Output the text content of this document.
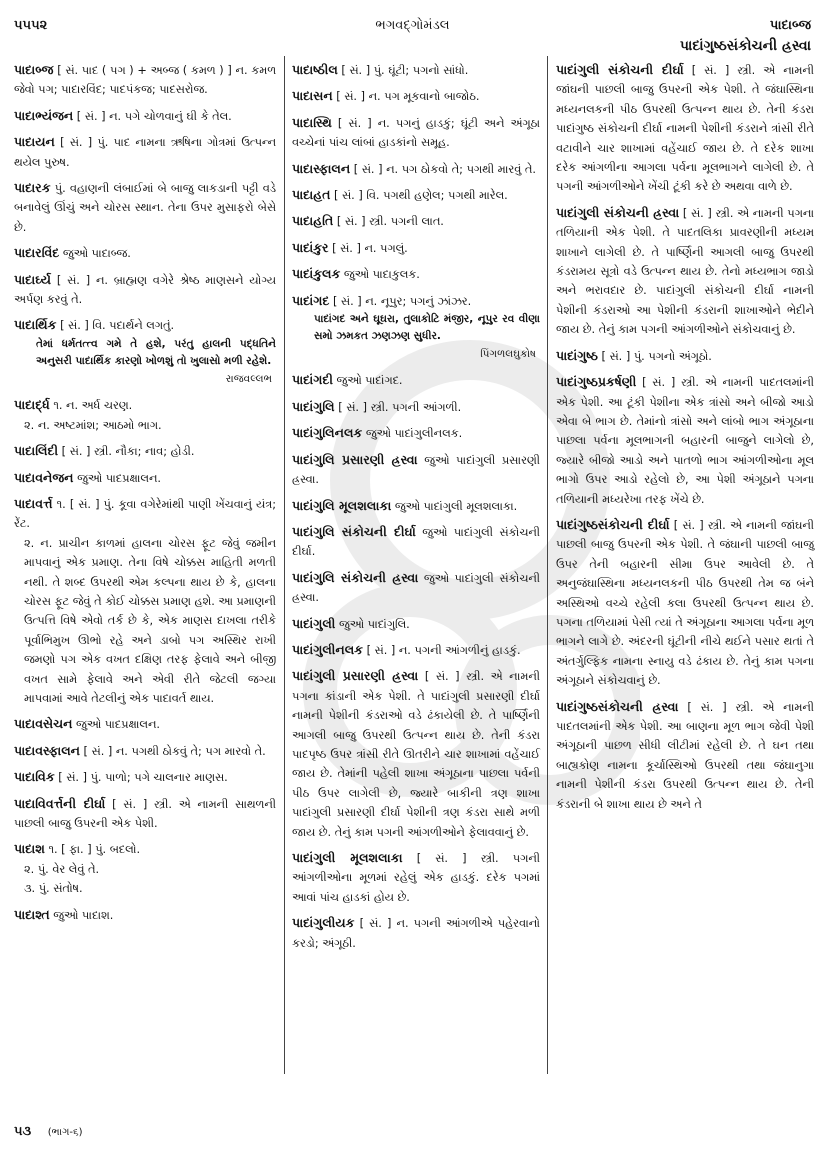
૫૫૫૨	ભગવદ્ગોમંડલ	પાદાબ્જ
પાદાંગુષ્ઠસંકોચની હ્રસ્વા

પાદાબ્જ [ સં. પાદ ( પગ ) + અબ્જ ( કમળ ) ] ન. કમળ જેવો પગ; પાદારવિંદ; પાદપંકજ; પાદસરોજ.

પાદાભ્યંજન [ સં. ] ન. પગે ચોળવાનું ઘી કે તેલ.

પાદાયન [ સં. ] પું. પાદ નામના ઋષિના ગોત્રમાં ઉત્પન્ન થયેલ પુરુષ.

પાદારક પું. વહાણની લંબાઈમાં બે બાજુ લાકડાની પટ્ટી વડે બનાવેલું ઊંચું અને ચોરસ સ્થાન. તેના ઉપર મુસાફરો બેસે છે.

પાદારવિંદ જુઓ પાદાબ્જ.

પાદાર્ઘ્ય [ સં. ] ન. બ્રાહ્મણ વગેરે શ્રેષ્ઠ માણસને યોગ્ય અર્પણ કરવું તે.

પાદાર્થિક [ સં. ] વિ. પદાર્થને લગતું.

તેમાં ધર્મતત્ત્વ ગમે તે હશે, પરંતુ હાલની પદ્ધતિને અનુસરી પાદાર્થિક કારણો ખોળશું તો ખુલાસો મળી રહેશે.

રાજવલ્લભ

પાદાર્દ્ધ ૧. ન. અર્ધ ચરણ.

૨. ન. અષ્ટમાંશ; આઠમો ભાગ.

પાદાલિંદી [ સં. ] સ્ત્રી. નૌકા; નાવ; હોડી.

પાદાવનેજન જુઓ પાદપ્રક્ષાલન.

પાદાવર્ત્ત ૧. [ સં. ] પું. કૂવા વગેરેમાંથી પાણી ખેંચવાનું યંત્ર; રેંટ.

૨. ન. પ્રાચીન કાળમાં હાલના ચોરસ ફૂટ જેવું જમીન માપવાનું એક પ્રમાણ. તેના વિષે ચોક્કસ માહિતી મળતી નથી. તે શબ્દ ઉપરથી એમ કલ્પના થાય છે કે, હાલના ચોરસ ફૂટ જેવું તે કોઈ ચોક્કસ પ્રમાણ હશે. આ પ્રમાણની ઉત્પત્તિ વિષે એવો તર્ક છે કે, એક માણસ દાખલા તરીકે પૂર્વાભિમુખ ઊભો રહે અને ડાબો પગ અસ્થિર રાખી જમણો પગ એક વખત દક્ષિણ તરફ ફેલાવે અને બીજી વખત સામે ફેલાવે અને એવી રીતે જેટલી જગ્યા માપવામાં આવે તેટલીનું એક પાદાવર્ત થાય.

પાદાવસેચન જુઓ પાદપ્રક્ષાલન.

પાદાવસ્ફાલન [ સં. ] ન. પગથી ઠોકવું તે; પગ મારવો તે.

પાદાવિક [ સં. ] પું. પાળો; પગે ચાલનાર માણસ.

પાદાવિવર્ત્તની દીર્ઘા [ સં. ] સ્ત્રી. એ નામની સાથળની પાછલી બાજુ ઉપરની એક પેશી.

પાદાશ ૧. [ ફા. ] પું. બદલો.

૨. પું. વેર લેવું તે.

૩. પું. સંતોષ.

પાદાશ્ત જુઓ પાદાશ.

પાદાષ્ઠીલ [ સં. ] પું. ઘૂંટી; પગનો સાંધો.

પાદાસન [ સં. ] ન. પગ મૂકવાનો બાજોઠ.

પાદાસ્થિ [ સં. ] ન. પગનું હાડકું; ઘૂંટી અને અંગૂઠા વચ્ચેનાં પાંચ લાંબાં હાડકાંનો સમૂહ.

પાદાસ્ફાલન [ સં. ] ન. પગ ઠોકવો તે; પગથી મારવું તે.

પાદાહત [ સં. ] વિ. પગથી હણેલ; પગથી મારેલ.

પાદાહતિ [ સં. ] સ્ત્રી. પગની લાત.

પાદાંકુર [ સં. ] ન. પગલું.

પાદાંકુલક જુઓ પાદાકુલક.

પાદાંગદ [ સં. ] ન. નૂપુર; પગનું ઝાંઝર.

પાદાંગદ અને ઘૂઘરા, તુલાકોટિ મંજીર, નૂપુર રવ વીણા સમો ઝમકત ઝણઝણ સુધીર.

પિંગળલઘુકોષ

પાદાંગદી જુઓ પાદાંગદ.

પાદાંગુલિ [ સં. ] સ્ત્રી. પગની આંગળી.

પાદાંગુલિનલક જુઓ પાદાંગુલીનલક.

પાદાંગુલિ પ્રસારણી હ્રસ્વા જુઓ પાદાંગુલી પ્રસારણી હ્રસ્વા.

પાદાંગુલિ મૂલશલાકા જુઓ પાદાંગુલી મૂલશલાકા.

પાદાંગુલિ સંકોચની દીર્ઘા જુઓ પાદાંગુલી સંકોચની દીર્ઘા.

પાદાંગુલિ સંકોચની હ્રસ્વા જુઓ પાદાંગુલી સંકોચની હ્રસ્વા.

પાદાંગુલી જુઓ પાદાંગુલિ.

પાદાંગુલીનલક [ સં. ] ન. પગની આંગળીનું હાડકું.

પાદાંગુલી પ્રસારણી હ્રસ્વા [ સં. ] સ્ત્રી. એ નામની પગના કાંડાની એક પેશી. તે પાદાંગુલી પ્રસારણી દીર્ઘા નામની પેશીની કંડરાઓ વડે ઢંકાયેલી છે. તે પાર્ષ્ણિની આગલી બાજુ ઉપરથી ઉત્પન્ન થાય છે. તેની કંડરા પાદપૃષ્ઠ ઉપર ત્રાંસી રીતે ઊતરીને ચાર શાખામાં વહેંચાઈ જાય છે. તેમાંની પહેલી શાખા અંગૂઠાના પાછલા પર્વની પીઠ ઉપર લાગેલી છે, જ્યારે બાકીની ત્રણ શાખા પાદાંગુલી પ્રસારણી દીર્ઘા પેશીની ત્રણ કંડરા સાથે મળી જાય છે. તેનું કામ પગની આંગળીઓને ફેલાવવાનું છે.

પાદાંગુલી મૂલશલાકા [ સં. ] સ્ત્રી. પગની આંગળીઓના મૂળમાં રહેલું એક હાડકું. દરેક પગમાં આવાં પાંચ હાડકાં હોય છે.

પાદાંગુલીયક [ સં. ] ન. પગની આંગળીએ પહેરવાનો કરડો; અંગૂઠી.

પાદાંગુલી સંકોચની દીર્ઘા [ સં. ] સ્ત્રી. એ નામની જાંઘની પાછલી બાજુ ઉપરની એક પેશી. તે જંઘાસ્થિના મધ્યનલકની પીઠ ઉપરથી ઉત્પન્ન થાય છે. તેની કંડરા પાદાંગુષ્ઠ સંકોચની દીર્ઘા નામની પેશીની કંડરાને ત્રાંસી રીતે વટાવીને ચાર શાખામાં વહેંચાઈ જાય છે. તે દરેક શાખા દરેક આંગળીના આગલા પર્વના મૂલભાગને લાગેલી છે. તે પગની આંગળીઓને ખેંચી ટૂંકી કરે છે અથવા વાળે છે.

પાદાંગુલી સંકોચની હ્રસ્વા [ સં. ] સ્ત્રી. એ નામની પગના તળિયાની એક પેશી. તે પાદતલિકા પ્રાવરણીની મધ્યમ શાખાને લાગેલી છે. તે પાર્ષ્ણિની આગલી બાજુ ઉપરથી કંડરામય સૂત્રો વડે ઉત્પન્ન થાય છે. તેનો મધ્યભાગ જાડો અને ભરાવદાર છે. પાદાંગુલી સંકોચની દીર્ઘા નામની પેશીની કંડરાઓ આ પેશીની કંડરાની શાખાઓને ભેદીને જાય છે. તેનું કામ પગની આંગળીઓને સંકોચવાનું છે.

પાદાંગુષ્ઠ [ સં. ] પું. પગનો અંગૂઠો.

પાદાંગુષ્ઠપ્રકર્ષણી [ સં. ] સ્ત્રી. એ નામની પાદતલમાંની એક પેશી. આ ટૂંકી પેશીના એક ત્રાંસો અને બીજો આડો એવા બે ભાગ છે. તેમાંનો ત્રાંસો અને લાંબો ભાગ અંગૂઠાના પાછલા પર્વના મૂલભાગની બહારની બાજુને લાગેલો છે, જ્યારે બીજો આડો અને પાતળો ભાગ આંગળીઓના મૂલ ભાગો ઉપર આડો રહેલો છે, આ પેશી અંગૂઠાને પગના તળિયાની મધ્યરેખા તરફ ખેંચે છે.

પાદાંગુષ્ઠસંકોચની દીર્ઘા [ સં. ] સ્ત્રી. એ નામની જાંઘની પાછલી બાજુ ઉપરની એક પેશી. તે જંઘાની પાછલી બાજુ ઉપર તેની બહારની સીમા ઉપર આવેલી છે. તે અનુજંઘાસ્થિના મધ્યનલકની પીઠ ઉપરથી તેમ જ બંને અસ્થિઓ વચ્ચે રહેલી કલા ઉપરથી ઉત્પન્ન થાય છે. પગના તળિયામાં પેસી ત્યાં તે અંગૂઠાના આગલા પર્વના મૂળ ભાગને લાગે છે. અંદરની ઘૂંટીની નીચે થઈને પસાર થતાં તે અંતર્ગુલ્ફિક નામના સ્નાયુ વડે ઢંકાય છે. તેનું કામ પગના અંગૂઠાને સંકોચવાનું છે.

પાદાંગુષ્ઠસંકોચની હ્રસ્વા [ સં. ] સ્ત્રી. એ નામની પાદતલમાંની એક પેશી. આ બાણના મૂળ ભાગ જેવી પેશી અંગૂઠાની પાછળ સીધી લીટીમાં રહેલી છે. તે ઘન તથા બાહ્યકોણ નામના કૂર્ચાસ્થિઓ ઉપરથી તથા જંઘાનુગા નામની પેશીની કંડરા ઉપરથી ઉત્પન્ન થાય છે. તેની કંડરાની બે શાખા થાય છે અને તે

૫૩ (ભાગ-૬)
